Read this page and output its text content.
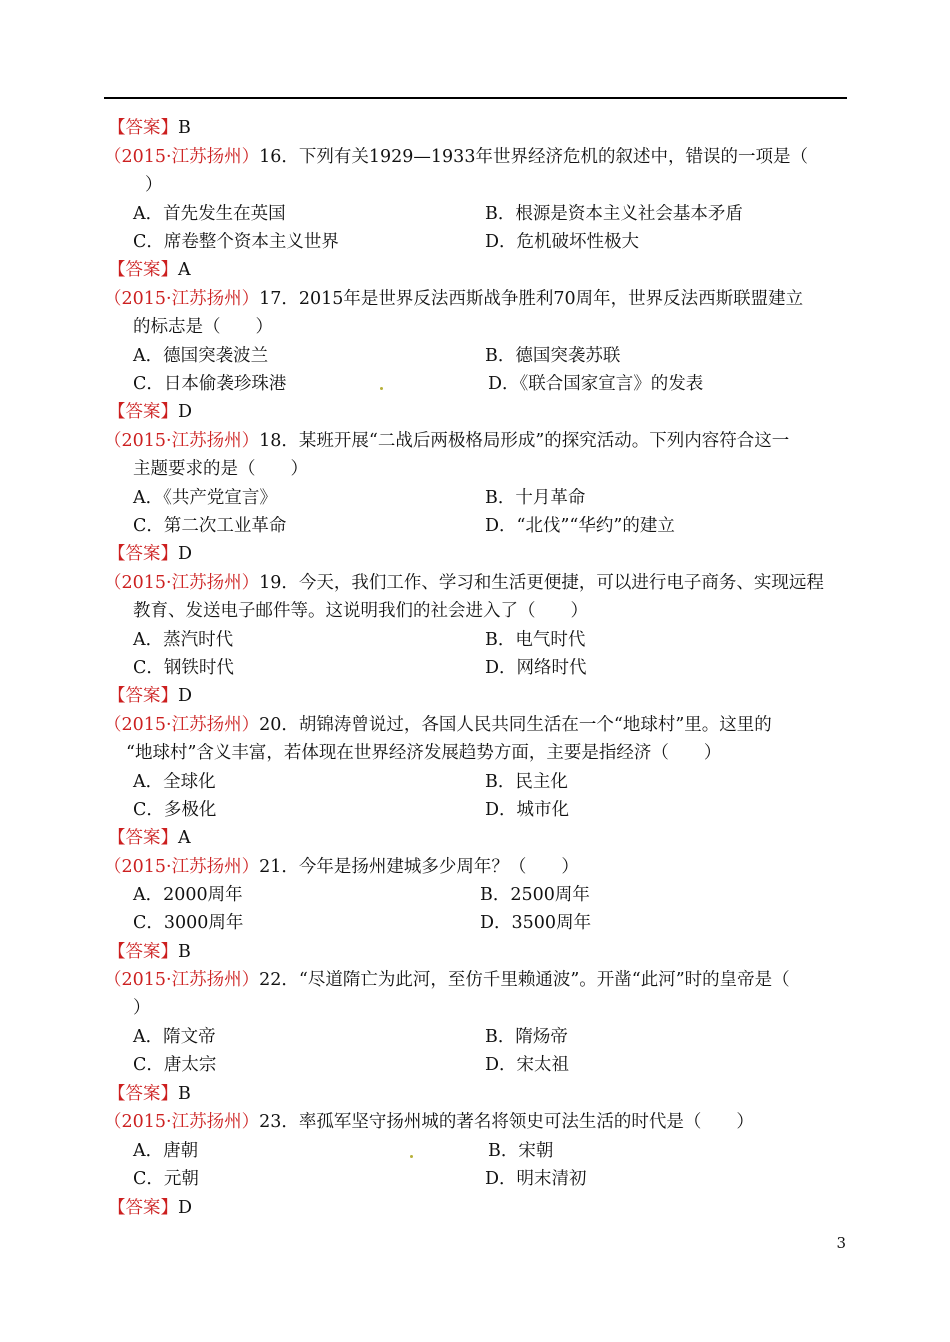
【答案】B
（2015·江苏扬州）16．下列有关1929—1933年世界经济危机的叙述中，错误的一项是（
）
A．首先发生在英国	B．根源是资本主义社会基本矛盾
C．席卷整个资本主义世界	D．危机破坏性极大
【答案】A
（2015·江苏扬州）17．2015年是世界反法西斯战争胜利70周年，世界反法西斯联盟建立
的标志是（　　）
A．德国突袭波兰	B．德国突袭苏联
C．日本偷袭珍珠港	D．《联合国家宣言》的发表
【答案】D
（2015·江苏扬州）18．某班开展“二战后两极格局形成”的探究活动。下列内容符合这一
主题要求的是（　　）
A．《共产党宣言》	B．十月革命
C．第二次工业革命	D．“北伐”“华约”的建立
【答案】D
（2015·江苏扬州）19．今天，我们工作、学习和生活更便捷，可以进行电子商务、实现远程
教育、发送电子邮件等。这说明我们的社会进入了（　　）
A．蒸汽时代	B．电气时代
C．钢铁时代	D．网络时代
【答案】D
（2015·江苏扬州）20．胡锦涛曾说过，各国人民共同生活在一个“地球村”里。这里的
“地球村”含义丰富，若体现在世界经济发展趋势方面，主要是指经济（　　）
A．全球化	B．民主化
C．多极化	D．城市化
【答案】A
（2015·江苏扬州）21．今年是扬州建城多少周年？（　　）
A．2000周年	B．2500周年
C．3000周年	D．3500周年
【答案】B
（2015·江苏扬州）22．“尽道隋亡为此河，至仿千里赖通波”。开凿“此河”时的皇帝是（
）
A．隋文帝	B．隋炀帝
C．唐太宗	D．宋太祖
【答案】B
（2015·江苏扬州）23．率孤军坚守扬州城的著名将领史可法生活的时代是（　　）
A．唐朝	B．宋朝
C．元朝	D．明末清初
【答案】D
3
